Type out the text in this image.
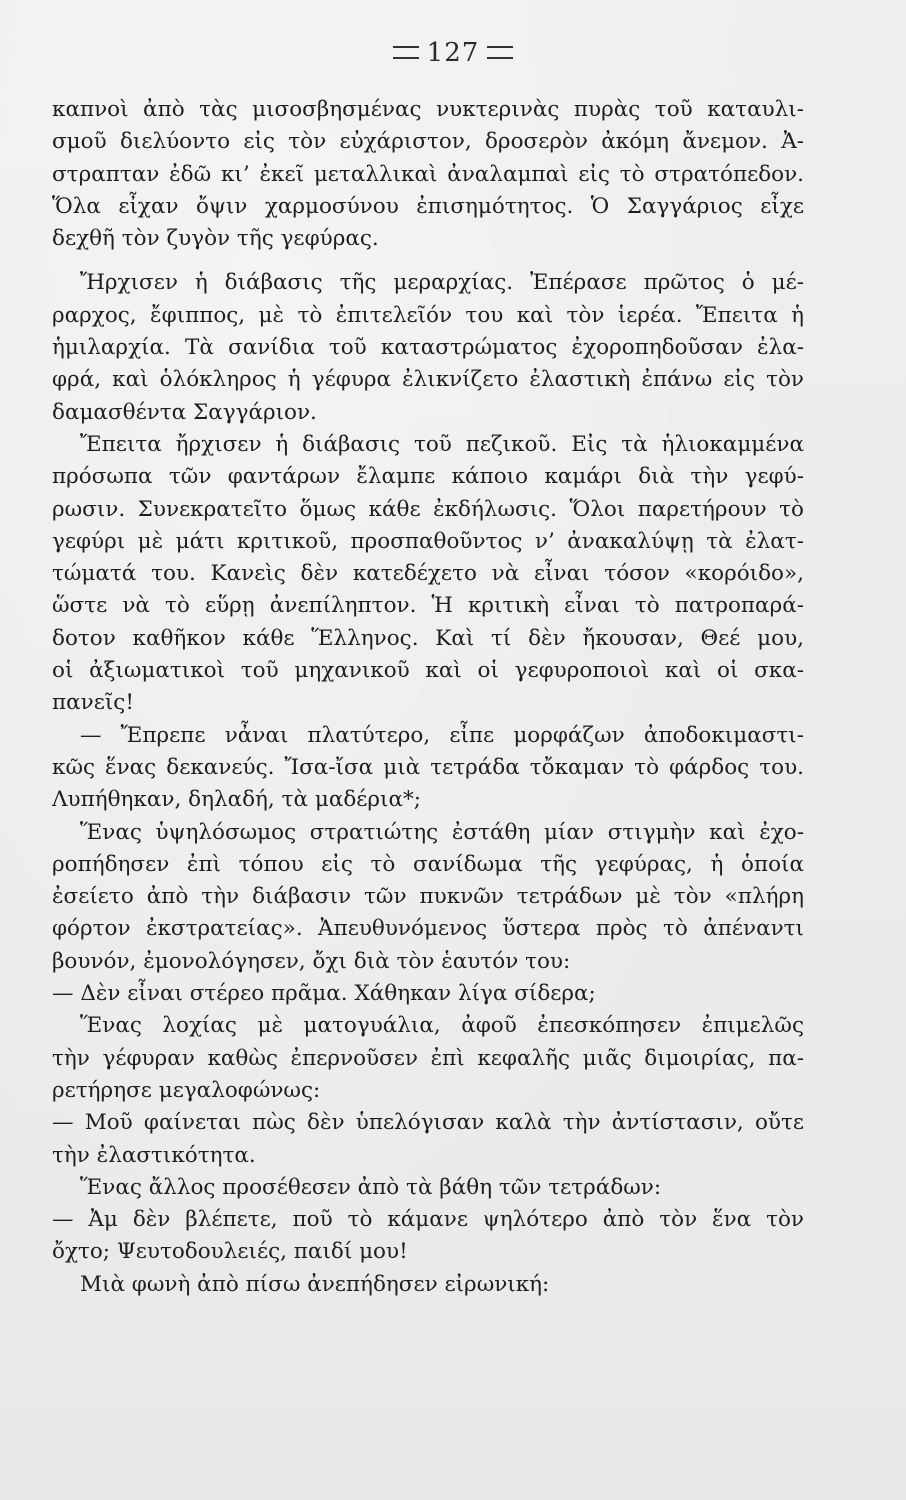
127
καπνοὶ ἀπὸ τὰς μισοσβησμένας νυκτερινὰς πυρὰς τοῦ καταυλι-
σμοῦ διελύοντο εἰς τὸν εὐχάριστον, δροσερὸν ἀκόμη ἄνεμον. Ἀ-
στραπταν ἐδῶ κι’ ἐκεῖ μεταλλικαὶ ἀναλαμπαὶ εἰς τὸ στρατόπεδον.
Ὅλα εἶχαν ὄψιν χαρμοσύνου ἐπισημότητος. Ὁ Σαγγάριος εἶχε
δεχθῆ τὸν ζυγὸν τῆς γεφύρας.
Ἤρχισεν ἡ διάβασις τῆς μεραρχίας. Ἐπέρασε πρῶτος ὁ μέ-
ραρχος, ἔφιππος, μὲ τὸ ἐπιτελεῖόν του καὶ τὸν ἱερέα. Ἔπειτα ἡ
ἡμιλαρχία. Τὰ σανίδια τοῦ καταστρώματος ἐχοροπηδοῦσαν ἐλα-
φρά, καὶ ὁλόκληρος ἡ γέφυρα ἐλικνίζετο ἐλαστικὴ ἐπάνω εἰς τὸν
δαμασθέντα Σαγγάριον.
Ἔπειτα ἤρχισεν ἡ διάβασις τοῦ πεζικοῦ. Εἰς τὰ ἡλιοκαμμένα
πρόσωπα τῶν φαντάρων ἔλαμπε κάποιο καμάρι διὰ τὴν γεφύ-
ρωσιν. Συνεκρατεῖτο ὅμως κάθε ἐκδήλωσις. Ὅλοι παρετήρουν τὸ
γεφύρι μὲ μάτι κριτικοῦ, προσπαθοῦντος ν’ ἀνακαλύψῃ τὰ ἐλατ-
τώματά του. Κανεὶς δὲν κατεδέχετο νὰ εἶναι τόσον «κορόιδο»,
ὥστε νὰ τὸ εὕρῃ ἀνεπίληπτον. Ἡ κριτικὴ εἶναι τὸ πατροπαρά-
δοτον καθῆκον κάθε Ἕλληνος. Καὶ τί δὲν ἤκουσαν, Θεέ μου,
οἱ ἀξιωματικοὶ τοῦ μηχανικοῦ καὶ οἱ γεφυροποιοὶ καὶ οἱ σκα-
πανεῖς!
— Ἔπρεπε νἆναι πλατύτερο, εἶπε μορφάζων ἀποδοκιμαστι-
κῶς ἕνας δεκανεύς. Ἴσα-ἴσα μιὰ τετράδα τὄκαμαν τὸ φάρδος του.
Λυπήθηκαν, δηλαδή, τὰ μαδέρια*;
Ἕνας ὑψηλόσωμος στρατιώτης ἐστάθη μίαν στιγμὴν καὶ ἐχο-
ροπήδησεν ἐπὶ τόπου εἰς τὸ σανίδωμα τῆς γεφύρας, ἡ ὁποία
ἐσείετο ἀπὸ τὴν διάβασιν τῶν πυκνῶν τετράδων μὲ τὸν «πλήρη
φόρτον ἐκστρατείας». Ἀπευθυνόμενος ὕστερα πρὸς τὸ ἀπέναντι
βουνόν, ἐμονολόγησεν, ὄχι διὰ τὸν ἑαυτόν του:
— Δὲν εἶναι στέρεο πρᾶμα. Χάθηκαν λίγα σίδερα;
Ἕνας λοχίας μὲ ματογυάλια, ἀφοῦ ἐπεσκόπησεν ἐπιμελῶς
τὴν γέφυραν καθὼς ἐπερνοῦσεν ἐπὶ κεφαλῆς μιᾶς διμοιρίας, πα-
ρετήρησε μεγαλοφώνως:
— Μοῦ φαίνεται πὼς δὲν ὑπελόγισαν καλὰ τὴν ἀντίστασιν, οὔτε
τὴν ἐλαστικότητα.
Ἕνας ἄλλος προσέθεσεν ἀπὸ τὰ βάθη τῶν τετράδων:
— Ἀμ δὲν βλέπετε, ποῦ τὸ κάμανε ψηλότερο ἀπὸ τὸν ἕνα τὸν
ὄχτο; Ψευτοδουλειές, παιδί μου!
Μιὰ φωνὴ ἀπὸ πίσω ἀνεπήδησεν εἰρωνική:
